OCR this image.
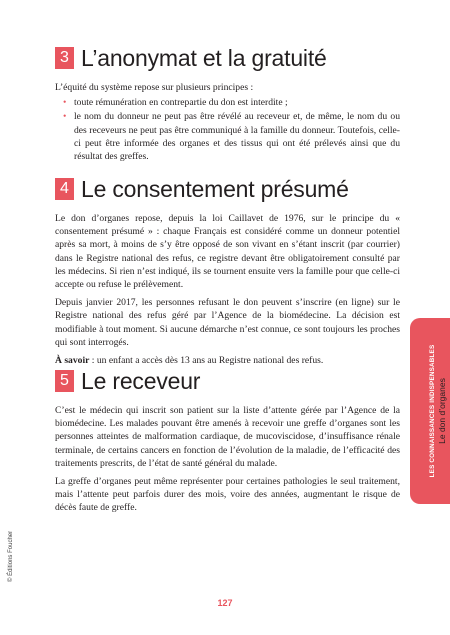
3 L’anonymat et la gratuité

L’équité du système repose sur plusieurs principes :

• toute rémunération en contrepartie du don est interdite ;
• le nom du donneur ne peut pas être révélé au receveur et, de même, le nom du ou des receveurs ne peut pas être communiqué à la famille du donneur. Toutefois, celle-ci peut être informée des organes et des tissus qui ont été prélevés ainsi que du résultat des greffes.
4 Le consentement présumé

Le don d’organes repose, depuis la loi Caillavet de 1976, sur le principe du « consentement présumé » : chaque Français est considéré comme un donneur potentiel après sa mort, à moins de s’y être opposé de son vivant en s’étant inscrit (par courrier) dans le Registre national des refus, ce registre devant être obligatoirement consulté par les médecins. Si rien n’est indiqué, ils se tournent ensuite vers la famille pour que celle-ci accepte ou refuse le prélèvement.

Depuis janvier 2017, les personnes refusant le don peuvent s’inscrire (en ligne) sur le Registre national des refus géré par l’Agence de la biomédecine. La décision est modifiable à tout moment. Si aucune démarche n’est connue, ce sont toujours les proches qui sont interrogés.

À savoir : un enfant a accès dès 13 ans au Registre national des refus.

5 Le receveur

C’est le médecin qui inscrit son patient sur la liste d’attente gérée par l’Agence de la biomédecine. Les malades pouvant être amenés à recevoir une greffe d’organes sont les personnes atteintes de malformation cardiaque, de mucoviscidose, d’insuffisance rénale terminale, de certains cancers en fonction de l’évolution de la maladie, de l’efficacité des traitements prescrits, de l’état de santé général du malade.

La greffe d’organes peut même représenter pour certaines pathologies le seul traitement, mais l’attente peut parfois durer des mois, voire des années, augmentant le risque de décès faute de greffe.

LES CONNAISSANCES INDISPENSABLES Le don d’organes
© Éditions Foucher
127
